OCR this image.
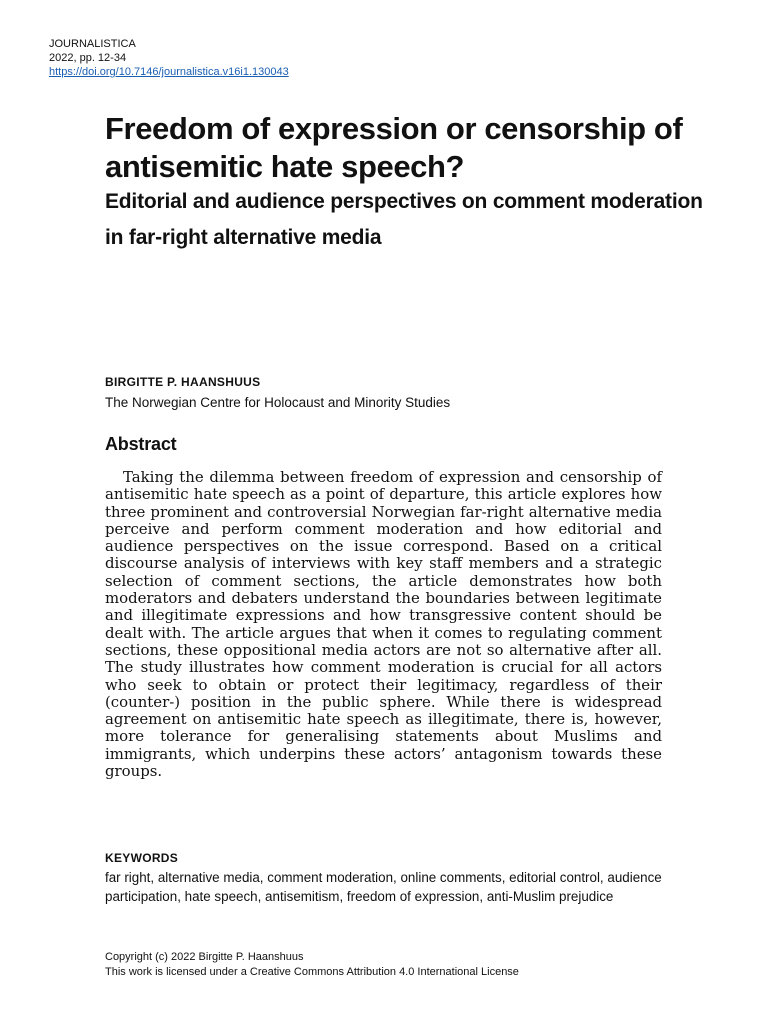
JOURNALISTICA
2022, pp. 12-34
https://doi.org/10.7146/journalistica.v16i1.130043
Freedom of expression or censorship of antisemitic hate speech?
Editorial and audience perspectives on comment moderation in far-right alternative media

BIRGITTE P. HAANSHUUS

The Norwegian Centre for Holocaust and Minority Studies

Abstract

Taking the dilemma between freedom of expression and censorship of antisemitic hate speech as a point of departure, this article explores how three prominent and controversial Norwegian far-right alternative media perceive and perform comment moderation and how editorial and audience perspectives on the issue correspond. Based on a critical discourse analysis of interviews with key staff members and a strategic selection of comment sections, the article demonstrates how both moderators and debaters understand the boundaries between legitimate and illegitimate expressions and how transgressive content should be dealt with. The article argues that when it comes to regulating comment sections, these oppositional media actors are not so alternative after all. The study illustrates how comment moderation is crucial for all actors who seek to obtain or protect their legitimacy, regardless of their (counter-) position in the public sphere. While there is widespread agreement on antisemitic hate speech as illegitimate, there is, however, more tolerance for generalising statements about Muslims and immigrants, which underpins these actors’ antagonism towards these groups.

KEYWORDS

far right, alternative media, comment moderation, online comments, editorial control, audience participation, hate speech, antisemitism, freedom of expression, anti-Muslim prejudice

Copyright (c) 2022 Birgitte P. Haanshuus

This work is licensed under a Creative Commons Attribution 4.0 International License
